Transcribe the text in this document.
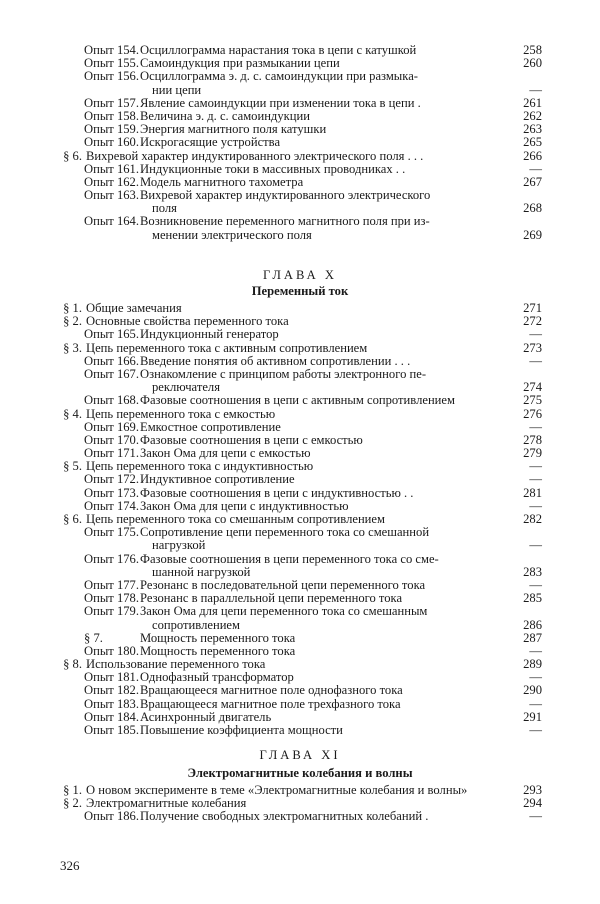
Опыт 154. Осциллограмма нарастания тока в цепи с катушкой	258
Опыт 155. Самоиндукция при размыкании цепи	260
Опыт 156. Осциллограмма э. д. с. самоиндукции при размыка-
нии цепи	—
Опыт 157. Явление самоиндукции при изменении тока в цепи .	261
Опыт 158. Величина э. д. с. самоиндукции	262
Опыт 159. Энергия магнитного поля катушки	263
Опыт 160. Искрогасящие устройства	265
§ 6. Вихревой характер индуктированного электрического поля . . .	266
Опыт 161. Индукционные токи в массивных проводниках . .	—
Опыт 162. Модель магнитного тахометра	267
Опыт 163. Вихревой характер индуктированного электрического
поля	268
Опыт 164. Возникновение переменного магнитного поля при из-
менении электрического поля	269
ГЛАВА X
Переменный ток
§ 1. Общие замечания	271
§ 2. Основные свойства переменного тока	272
Опыт 165. Индукционный генератор	—
§ 3. Цепь переменного тока с активным сопротивлением	273
Опыт 166. Введение понятия об активном сопротивлении . . .	—
Опыт 167. Ознакомление с принципом работы электронного пе-
реключателя	274
Опыт 168. Фазовые соотношения в цепи с активным сопротивлением	275
§ 4. Цепь переменного тока с емкостью	276
Опыт 169. Емкостное сопротивление	—
Опыт 170. Фазовые соотношения в цепи с емкостью	278
Опыт 171. Закон Ома для цепи с емкостью	279
§ 5. Цепь переменного тока с индуктивностью	—
Опыт 172. Индуктивное сопротивление	—
Опыт 173. Фазовые соотношения в цепи с индуктивностью . .	281
Опыт 174. Закон Ома для цепи с индуктивностью	—
§ 6. Цепь переменного тока со смешанным сопротивлением	282
Опыт 175. Сопротивление цепи переменного тока со смешанной
нагрузкой	—
Опыт 176. Фазовые соотношения в цепи переменного тока со сме-
шанной нагрузкой	283
Опыт 177. Резонанс в последовательной цепи переменного тока	—
Опыт 178. Резонанс в параллельной цепи переменного тока	285
Опыт 179. Закон Ома для цепи переменного тока со смешанным
сопротивлением	286
§ 7.	Мощность переменного тока	287
Опыт 180. Мощность переменного тока	—
§ 8. Использование переменного тока	289
Опыт 181. Однофазный трансформатор	—
Опыт 182. Вращающееся магнитное поле однофазного тока	290
Опыт 183. Вращающееся магнитное поле трехфазного тока	—
Опыт 184. Асинхронный двигатель	291
Опыт 185. Повышение коэффициента мощности	—
ГЛАВА XI
Электромагнитные колебания и волны
§ 1. О новом эксперименте в теме «Электромагнитные колебания и волны»	293
§ 2. Электромагнитные колебания	294
Опыт 186. Получение свободных электромагнитных колебаний .	—
326
